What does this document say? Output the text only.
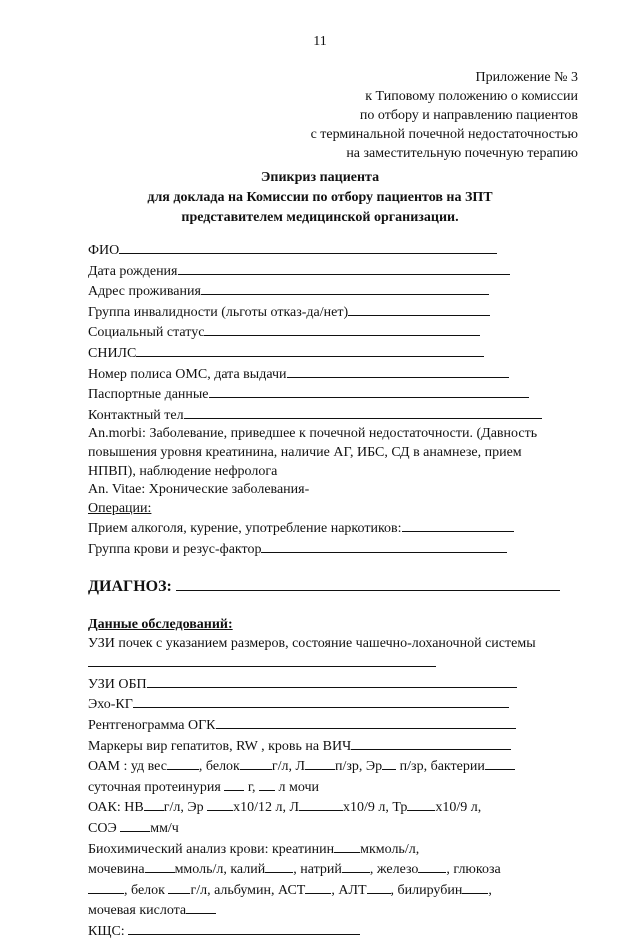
11
Приложение № 3
к Типовому положению о комиссии
по отбору и направлению пациентов
с терминальной почечной недостаточностью
на заместительную почечную терапию
Эпикриз пациента
для доклада на Комиссии по отбору пациентов на ЗПТ
представителем медицинской организации.
ФИО
Дата рождения
Адрес проживания
Группа инвалидности (льготы отказ-да/нет)
Социальный статус
СНИЛС
Номер полиса ОМС, дата выдачи
Паспортные данные
Контактный тел
An.morbi: Заболевание, приведшее к почечной недостаточности. (Давность повышения уровня креатинина, наличие АГ, ИБС, СД в анамнезе, прием НПВП), наблюдение нефролога
An. Vitae: Хронические заболевания-
Операции:
Прием алкоголя, курение, употребление наркотиков:
Группа крови и резус-фактор
ДИАГНОЗ:
Данные обследований:
УЗИ почек с указанием размеров, состояние чашечно-лоханочной системы
УЗИ ОБП
Эхо-КГ
Рентгенограмма ОГК
Маркеры вир гепатитов, RW , кровь на ВИЧ
ОАМ : уд вес , белок г/л, Л п/зр, Эр п/зр, бактерии
суточная протеинурия  г,  л мочи
ОАК: НВ г/л, Эр x10/12 л, Л	x10/9 л, Тр x10/9 л,
СОЭ мм/ч
Биохимический анализ крови: креатинин мкмоль/л,
мочевина ммоль/л, калий , натрий , железо , глюкоза
, белок г/л, альбумин, АСТ , АЛТ , билирубин ,
мочевая кислота
КЩС:
